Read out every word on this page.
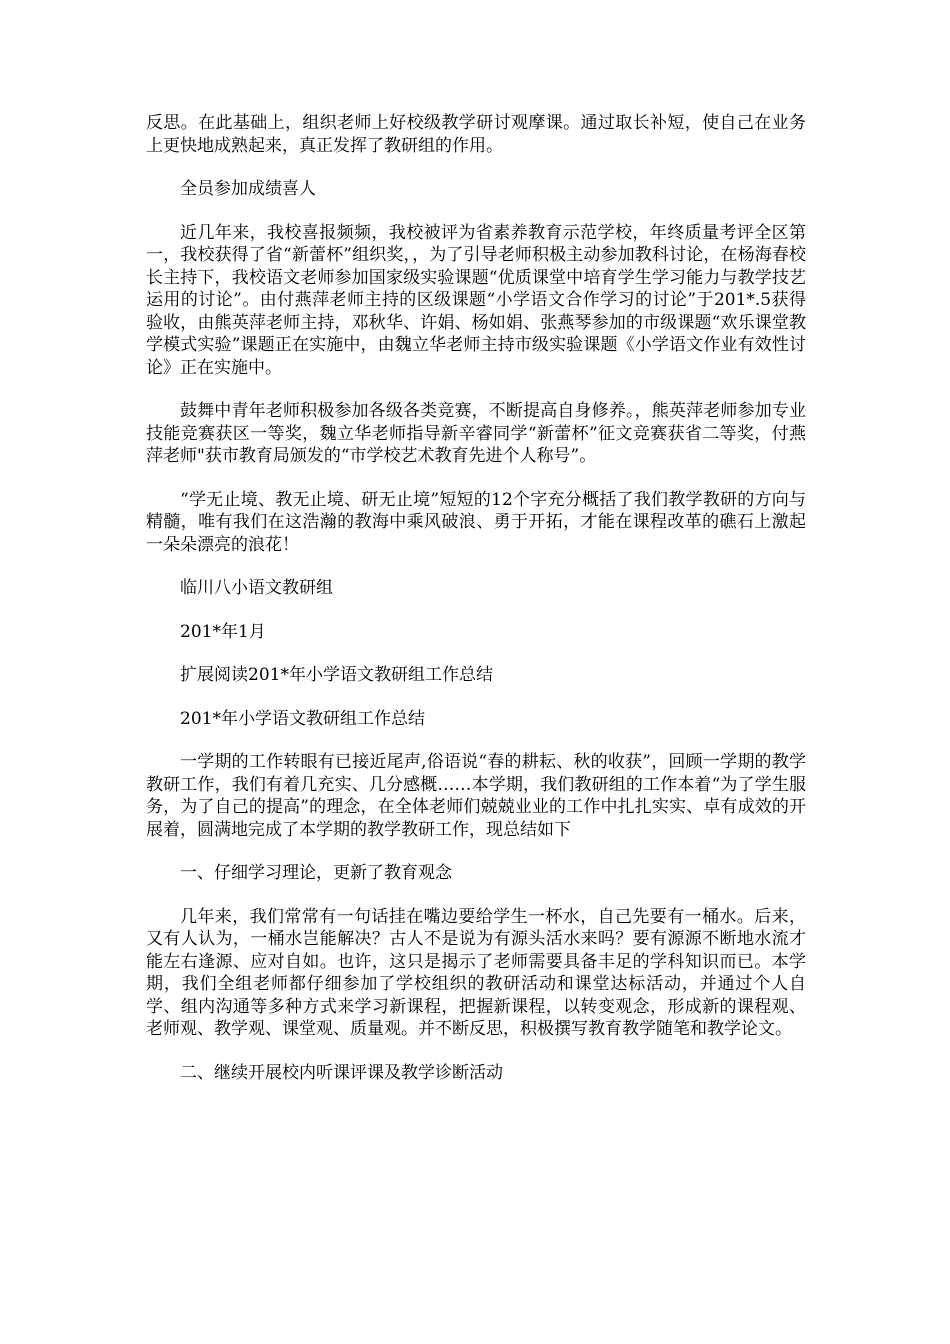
反思。在此基础上，组织老师上好校级教学研讨观摩课。通过取长补短，使自己在业务上更快地成熟起来，真正发挥了教研组的作用。

全员参加成绩喜人

近几年来，我校喜报频频，我校被评为省素养教育示范学校，年终质量考评全区第一，我校获得了省“新蕾杯”组织奖，，为了引导老师积极主动参加教科讨论，在杨海春校长主持下，我校语文老师参加国家级实验课题“优质课堂中培育学生学习能力与教学技艺运用的讨论”。由付燕萍老师主持的区级课题“小学语文合作学习的讨论”于201*.5获得验收，由熊英萍老师主持，邓秋华、许娟、杨如娟、张燕琴参加的市级课题“欢乐课堂教学模式实验”课题正在实施中，由魏立华老师主持市级实验课题《小学语文作业有效性讨论》正在实施中。

鼓舞中青年老师积极参加各级各类竞赛，不断提高自身修养。，熊英萍老师参加专业技能竞赛获区一等奖，魏立华老师指导新辛睿同学“新蕾杯”征文竞赛获省二等奖，付燕萍老师"获市教育局颁发的“市学校艺术教育先进个人称号”。

“学无止境、教无止境、研无止境”短短的12个字充分概括了我们教学教研的方向与精髓，唯有我们在这浩瀚的教海中乘风破浪、勇于开拓，才能在课程改革的礁石上激起一朵朵漂亮的浪花！

临川八小语文教研组

201*年1月

扩展阅读201*年小学语文教研组工作总结

201*年小学语文教研组工作总结

一学期的工作转眼有已接近尾声,俗语说“春的耕耘、秋的收获”，回顾一学期的教学教研工作，我们有着几充实、几分感概……本学期，我们教研组的工作本着“为了学生服务，为了自己的提高”的理念，在全体老师们兢兢业业的工作中扎扎实实、卓有成效的开展着，圆满地完成了本学期的教学教研工作，现总结如下

一、仔细学习理论，更新了教育观念

几年来，我们常常有一句话挂在嘴边要给学生一杯水，自己先要有一桶水。后来，又有人认为，一桶水岂能解决？古人不是说为有源头活水来吗？要有源源不断地水流才能左右逢源、应对自如。也许，这只是揭示了老师需要具备丰足的学科知识而已。本学期，我们全组老师都仔细参加了学校组织的教研活动和课堂达标活动，并通过个人自学、组内沟通等多种方式来学习新课程，把握新课程，以转变观念，形成新的课程观、老师观、教学观、课堂观、质量观。并不断反思，积极撰写教育教学随笔和教学论文。

二、继续开展校内听课评课及教学诊断活动
